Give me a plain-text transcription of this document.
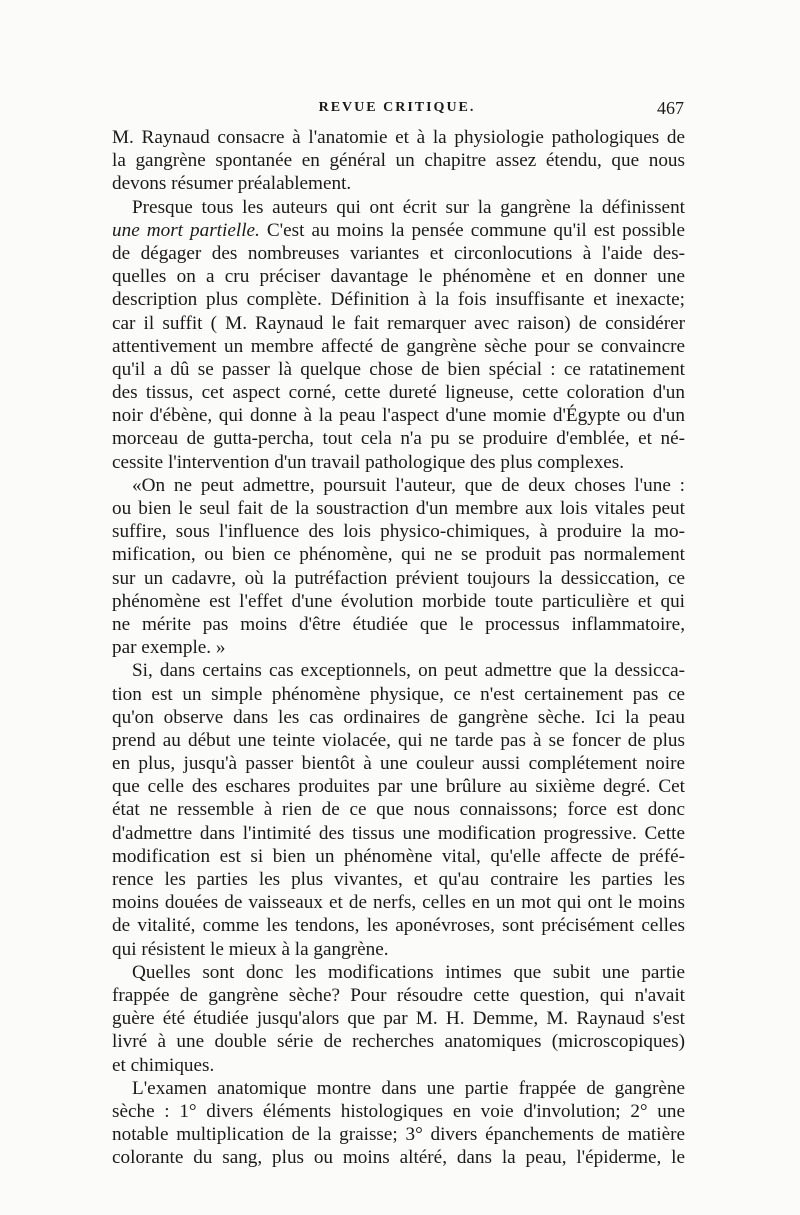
REVUE CRITIQUE.	467
M. Raynaud consacre à l'anatomie et à la physiologie pathologiques de
la gangrène spontanée en général un chapitre assez étendu, que nous
devons résumer préalablement.
Presque tous les auteurs qui ont écrit sur la gangrène la définissent
une mort partielle. C'est au moins la pensée commune qu'il est possible
de dégager des nombreuses variantes et circonlocutions à l'aide des-
quelles on a cru préciser davantage le phénomène et en donner une
description plus complète. Définition à la fois insuffisante et inexacte;
car il suffit ( M. Raynaud le fait remarquer avec raison) de considérer
attentivement un membre affecté de gangrène sèche pour se convaincre
qu'il a dû se passer là quelque chose de bien spécial : ce ratatinement
des tissus, cet aspect corné, cette dureté ligneuse, cette coloration d'un
noir d'ébène, qui donne à la peau l'aspect d'une momie d'Égypte ou d'un
morceau de gutta-percha, tout cela n'a pu se produire d'emblée, et né-
cessite l'intervention d'un travail pathologique des plus complexes.
«On ne peut admettre, poursuit l'auteur, que de deux choses l'une :
ou bien le seul fait de la soustraction d'un membre aux lois vitales peut
suffire, sous l'influence des lois physico-chimiques, à produire la mo-
mification, ou bien ce phénomène, qui ne se produit pas normalement
sur un cadavre, où la putréfaction prévient toujours la dessiccation, ce
phénomène est l'effet d'une évolution morbide toute particulière et qui
ne mérite pas moins d'être étudiée que le processus inflammatoire,
par exemple. »
Si, dans certains cas exceptionnels, on peut admettre que la dessicca-
tion est un simple phénomène physique, ce n'est certainement pas ce
qu'on observe dans les cas ordinaires de gangrène sèche. Ici la peau
prend au début une teinte violacée, qui ne tarde pas à se foncer de plus
en plus, jusqu'à passer bientôt à une couleur aussi complétement noire
que celle des eschares produites par une brûlure au sixième degré. Cet
état ne ressemble à rien de ce que nous connaissons; force est donc
d'admettre dans l'intimité des tissus une modification progressive. Cette
modification est si bien un phénomène vital, qu'elle affecte de préfé-
rence les parties les plus vivantes, et qu'au contraire les parties les
moins douées de vaisseaux et de nerfs, celles en un mot qui ont le moins
de vitalité, comme les tendons, les aponévroses, sont précisément celles
qui résistent le mieux à la gangrène.
Quelles sont donc les modifications intimes que subit une partie
frappée de gangrène sèche? Pour résoudre cette question, qui n'avait
guère été étudiée jusqu'alors que par M. H. Demme, M. Raynaud s'est
livré à une double série de recherches anatomiques (microscopiques)
et chimiques.
L'examen anatomique montre dans une partie frappée de gangrène
sèche : 1° divers éléments histologiques en voie d'involution; 2° une
notable multiplication de la graisse; 3° divers épanchements de matière
colorante du sang, plus ou moins altéré, dans la peau, l'épiderme, le
